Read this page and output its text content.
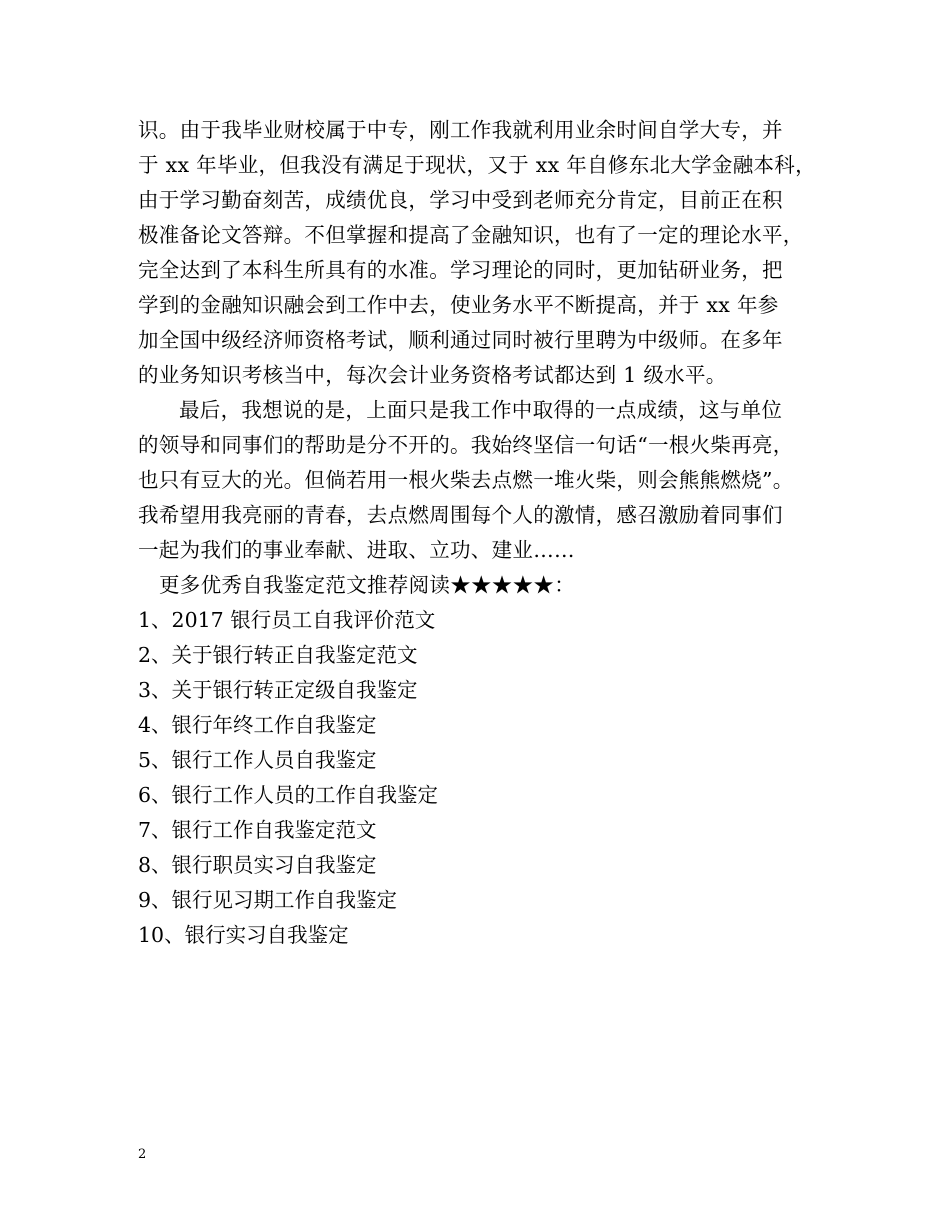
识。由于我毕业财校属于中专，刚工作我就利用业余时间自学大专，并
于 xx 年毕业，但我没有满足于现状，又于 xx 年自修东北大学金融本科，
由于学习勤奋刻苦，成绩优良，学习中受到老师充分肯定，目前正在积
极准备论文答辩。不但掌握和提高了金融知识，也有了一定的理论水平，
完全达到了本科生所具有的水准。学习理论的同时，更加钻研业务，把
学到的金融知识融会到工作中去，使业务水平不断提高，并于 xx 年参
加全国中级经济师资格考试，顺利通过同时被行里聘为中级师。在多年
的业务知识考核当中，每次会计业务资格考试都达到 1 级水平。
最后，我想说的是，上面只是我工作中取得的一点成绩，这与单位
的领导和同事们的帮助是分不开的。我始终坚信一句话“一根火柴再亮，
也只有豆大的光。但倘若用一根火柴去点燃一堆火柴，则会熊熊燃烧”。
我希望用我亮丽的青春，去点燃周围每个人的激情，感召激励着同事们
一起为我们的事业奉献、进取、立功、建业……
更多优秀自我鉴定范文推荐阅读★★★★★：
1、2017 银行员工自我评价范文
2、关于银行转正自我鉴定范文
3、关于银行转正定级自我鉴定
4、银行年终工作自我鉴定
5、银行工作人员自我鉴定
6、银行工作人员的工作自我鉴定
7、银行工作自我鉴定范文
8、银行职员实习自我鉴定
9、银行见习期工作自我鉴定
10、银行实习自我鉴定
2
